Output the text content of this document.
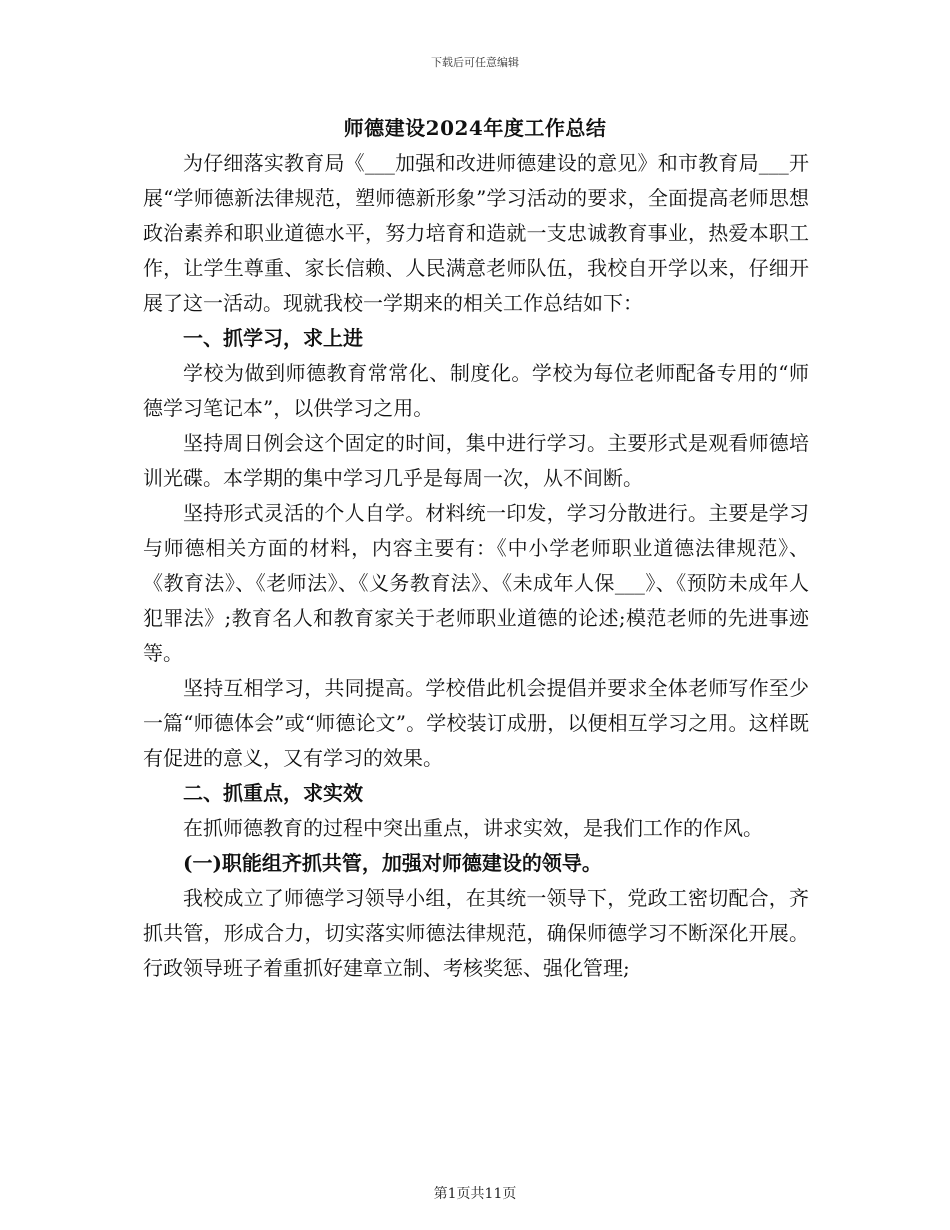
下载后可任意编辑
师德建设2024年度工作总结

为仔细落实教育局《___加强和改进师德建设的意见》和市教育局___开展“学师德新法律规范，塑师德新形象”学习活动的要求，全面提高老师思想政治素养和职业道德水平，努力培育和造就一支忠诚教育事业，热爱本职工作，让学生尊重、家长信赖、人民满意老师队伍，我校自开学以来，仔细开展了这一活动。现就我校一学期来的相关工作总结如下：

一、抓学习，求上进

学校为做到师德教育常常化、制度化。学校为每位老师配备专用的“师德学习笔记本”，以供学习之用。

坚持周日例会这个固定的时间，集中进行学习。主要形式是观看师德培训光碟。本学期的集中学习几乎是每周一次，从不间断。

坚持形式灵活的个人自学。材料统一印发，学习分散进行。主要是学习与师德相关方面的材料，内容主要有：《中小学老师职业道德法律规范》、《教育法》、《老师法》、《义务教育法》、《未成年人保___》、《预防未成年人犯罪法》;教育名人和教育家关于老师职业道德的论述;模范老师的先进事迹等。

坚持互相学习，共同提高。学校借此机会提倡并要求全体老师写作至少一篇“师德体会”或“师德论文”。学校装订成册，以便相互学习之用。这样既有促进的意义，又有学习的效果。

二、抓重点，求实效

在抓师德教育的过程中突出重点，讲求实效，是我们工作的作风。

(一)职能组齐抓共管，加强对师德建设的领导。

我校成立了师德学习领导小组，在其统一领导下，党政工密切配合，齐抓共管，形成合力，切实落实师德法律规范，确保师德学习不断深化开展。行政领导班子着重抓好建章立制、考核奖惩、强化管理;

第1页共11页
